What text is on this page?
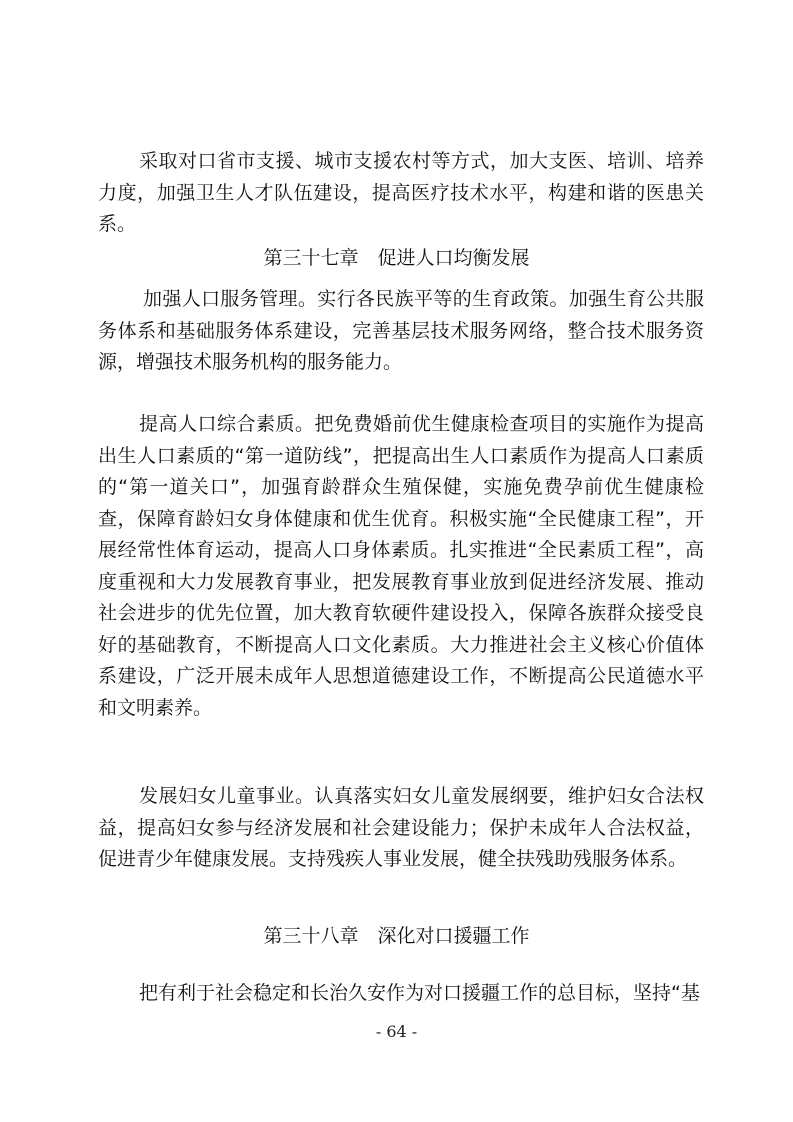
采取对口省市支援、城市支援农村等方式，加大支医、培训、培养力度，加强卫生人才队伍建设，提高医疗技术水平，构建和谐的医患关系。
第三十七章　促进人口均衡发展
加强人口服务管理。实行各民族平等的生育政策。加强生育公共服务体系和基础服务体系建设，完善基层技术服务网络，整合技术服务资源，增强技术服务机构的服务能力。
提高人口综合素质。把免费婚前优生健康检查项目的实施作为提高出生人口素质的“第一道防线”，把提高出生人口素质作为提高人口素质的“第一道关口”，加强育龄群众生殖保健，实施免费孕前优生健康检查，保障育龄妇女身体健康和优生优育。积极实施“全民健康工程”，开展经常性体育运动，提高人口身体素质。扎实推进“全民素质工程”，高度重视和大力发展教育事业，把发展教育事业放到促进经济发展、推动社会进步的优先位置，加大教育软硬件建设投入，保障各族群众接受良好的基础教育，不断提高人口文化素质。大力推进社会主义核心价值体系建设，广泛开展未成年人思想道德建设工作，不断提高公民道德水平和文明素养。
发展妇女儿童事业。认真落实妇女儿童发展纲要，维护妇女合法权益，提高妇女参与经济发展和社会建设能力；保护未成年人合法权益，促进青少年健康发展。支持残疾人事业发展，健全扶残助残服务体系。
第三十八章　深化对口援疆工作
把有利于社会稳定和长治久安作为对口援疆工作的总目标，坚持“基
- 64 -
